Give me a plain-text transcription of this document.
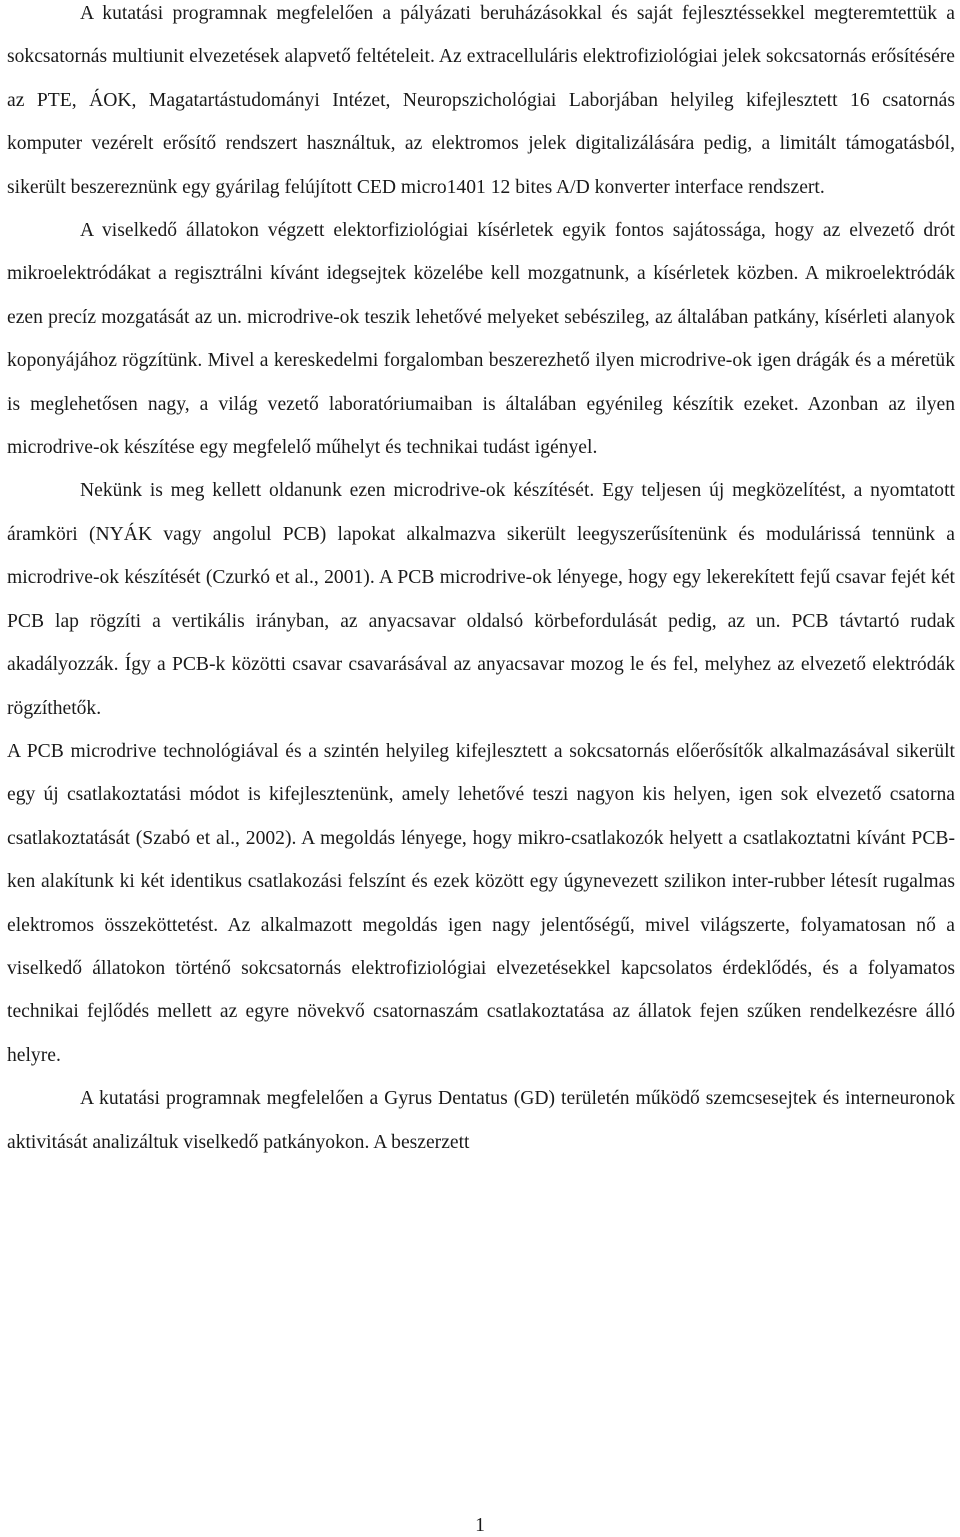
A kutatási programnak megfelelően a pályázati beruházásokkal és saját fejlesztéssekkel megteremtettük a sokcsatornás multiunit elvezetések alapvető feltételeit. Az extracelluláris elektrofiziológiai jelek sokcsatornás erősítésére az PTE, ÁOK, Magatartástudományi Intézet, Neuropszichológiai Laborjában helyileg kifejlesztett 16 csatornás komputer vezérelt erősítő rendszert használtuk, az elektromos jelek digitalizálására pedig, a limitált támogatásból, sikerült beszereznünk egy gyárilag felújított CED micro1401 12 bites A/D konverter interface rendszert.

A viselkedő állatokon végzett elektorfiziológiai kísérletek egyik fontos sajátossága, hogy az elvezető drót mikroelektródákat a regisztrálni kívánt idegsejtek közelébe kell mozgatnunk, a kísérletek közben. A mikroelektródák ezen precíz mozgatását az un. microdrive-ok teszik lehetővé melyeket sebészileg, az általában patkány, kísérleti alanyok koponyájához rögzítünk. Mivel a kereskedelmi forgalomban beszerezhető ilyen microdrive-ok igen drágák és a méretük is meglehetősen nagy, a világ vezető laboratóriumaiban is általában egyénileg készítik ezeket. Azonban az ilyen microdrive-ok készítése egy megfelelő műhelyt és technikai tudást igényel.

Nekünk is meg kellett oldanunk ezen microdrive-ok készítését. Egy teljesen új megközelítést, a nyomtatott áramköri (NYÁK vagy angolul PCB) lapokat alkalmazva sikerült leegyszerűsítenünk és modulárissá tennünk a microdrive-ok készítését (Czurkó et al., 2001). A PCB microdrive-ok lényege, hogy egy lekerekített fejű csavar fejét két PCB lap rögzíti a vertikális irányban, az anyacsavar oldalsó körbefordulását pedig, az un. PCB távtartó rudak akadályozzák. Így a PCB-k közötti csavar csavarásával az anyacsavar mozog le és fel, melyhez az elvezető elektródák rögzíthetők.

A PCB microdrive technológiával és a szintén helyileg kifejlesztett a sokcsatornás előerősítők alkalmazásával sikerült egy új csatlakoztatási módot is kifejlesztenünk, amely lehetővé teszi nagyon kis helyen, igen sok elvezető csatorna csatlakoztatását (Szabó et al., 2002). A megoldás lényege, hogy mikro-csatlakozók helyett a csatlakoztatni kívánt PCB-ken alakítunk ki két identikus csatlakozási felszínt és ezek között egy úgynevezett szilikon inter-rubber létesít rugalmas elektromos összeköttetést. Az alkalmazott megoldás igen nagy jelentőségű, mivel világszerte, folyamatosan nő a viselkedő állatokon történő sokcsatornás elektrofiziológiai elvezetésekkel kapcsolatos érdeklődés, és a folyamatos technikai fejlődés mellett az egyre növekvő csatornaszám csatlakoztatása az állatok fejen szűken rendelkezésre álló helyre.

A kutatási programnak megfelelően a Gyrus Dentatus (GD) területén működő szemcsesejtek és interneuronok aktivitását analizáltuk viselkedő patkányokon. A beszerzett

1
